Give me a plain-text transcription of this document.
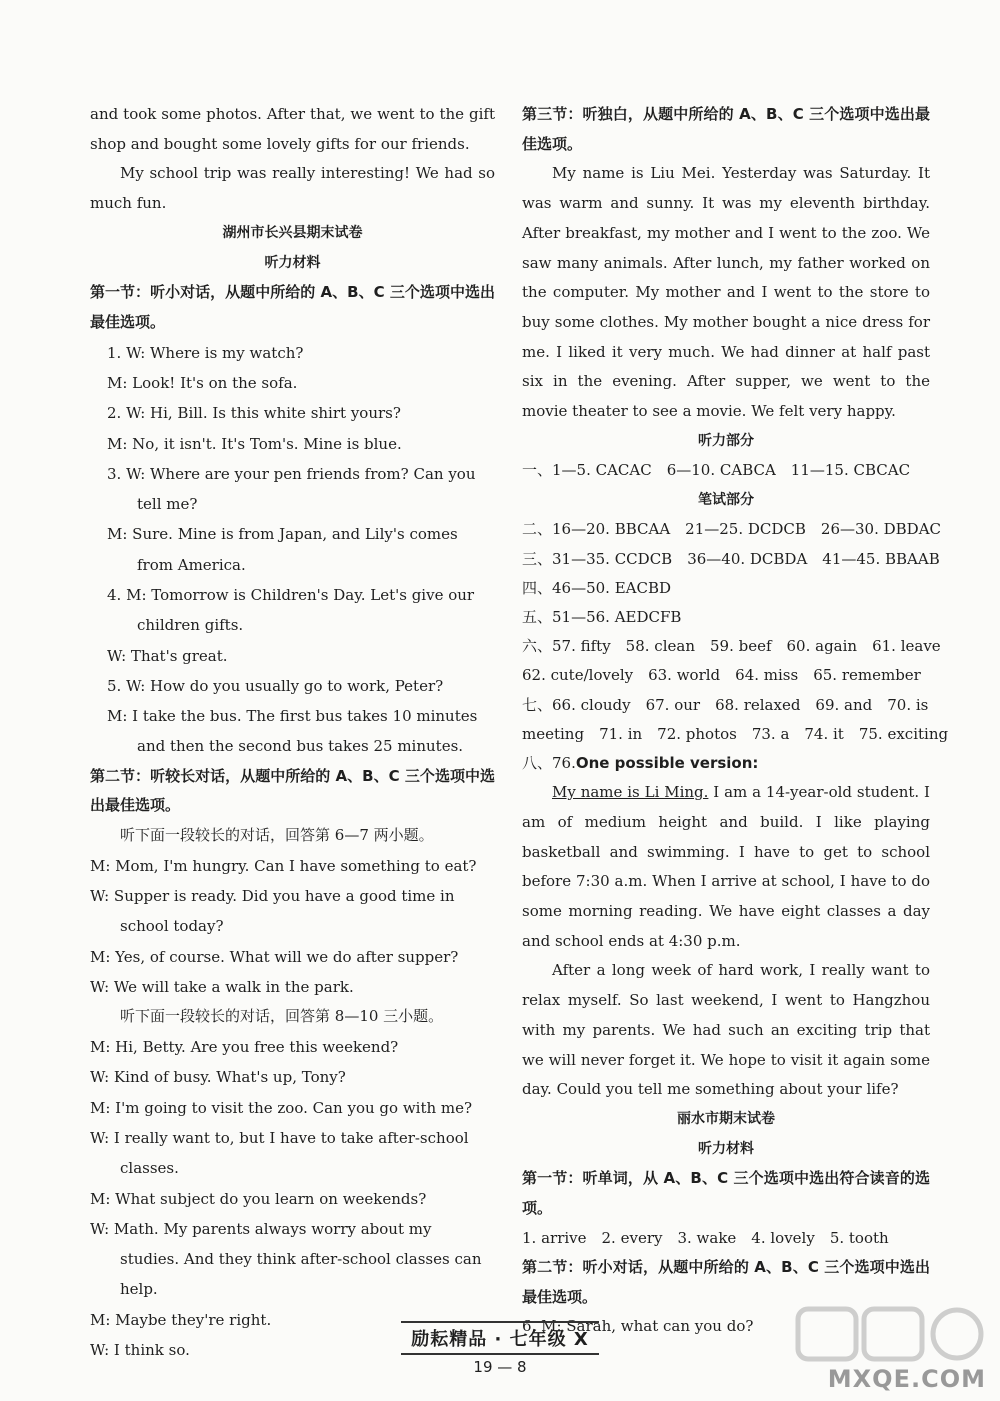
and took some photos. After that, we went to the gift shop and bought some lovely gifts for our friends.

My school trip was really interesting! We had so much fun.

湖州市长兴县期末试卷

听力材料

第一节：听小对话，从题中所给的 A、B、C 三个选项中选出最佳选项。

1. W: Where is my watch?

M: Look! It's on the sofa.

2. W: Hi, Bill. Is this white shirt yours?

M: No, it isn't. It's Tom's. Mine is blue.

3. W: Where are your pen friends from? Can you tell me?

M: Sure. Mine is from Japan, and Lily's comes from America.

4. M: Tomorrow is Children's Day. Let's give our children gifts.

W: That's great.

5. W: How do you usually go to work, Peter?

M: I take the bus. The first bus takes 10 minutes and then the second bus takes 25 minutes.

第二节：听较长对话，从题中所给的 A、B、C 三个选项中选出最佳选项。

听下面一段较长的对话，回答第 6—7 两小题。

M: Mom, I'm hungry. Can I have something to eat?

W: Supper is ready. Did you have a good time in school today?

M: Yes, of course. What will we do after supper?

W: We will take a walk in the park.

听下面一段较长的对话，回答第 8—10 三小题。

M: Hi, Betty. Are you free this weekend?

W: Kind of busy. What's up, Tony?

M: I'm going to visit the zoo. Can you go with me?

W: I really want to, but I have to take after-school classes.

M: What subject do you learn on weekends?

W: Math. My parents always worry about my studies. And they think after-school classes can help.

M: Maybe they're right.

W: I think so.

第三节：听独白，从题中所给的 A、B、C 三个选项中选出最佳选项。

My name is Liu Mei. Yesterday was Saturday. It was warm and sunny. It was my eleventh birthday. After breakfast, my mother and I went to the zoo. We saw many animals. After lunch, my father worked on the computer. My mother and I went to the store to buy some clothes. My mother bought a nice dress for me. I liked it very much. We had dinner at half past six in the evening. After supper, we went to the movie theater to see a movie. We felt very happy.

听力部分

一、1—5. CACAC　6—10. CABCA　11—15. CBCAC

笔试部分

二、16—20. BBCAA　21—25. DCDCB　26—30. DBDAC

三、31—35. CCDCB　36—40. DCBDA　41—45. BBAAB

四、46—50. EACBD

五、51—56. AEDCFB

六、57. fifty　58. clean　59. beef　60. again　61. leave

62. cute/lovely　63. world　64. miss　65. remember

七、66. cloudy　67. our　68. relaxed　69. and　70. is

meeting　71. in　72. photos　73. a　74. it　75. exciting

八、76.One possible version:

My name is Li Ming. I am a 14-year-old student. I am of medium height and build. I like playing basketball and swimming. I have to get to school before 7:30 a.m. When I arrive at school, I have to do some morning reading. We have eight classes a day and school ends at 4:30 p.m.

After a long week of hard work, I really want to relax myself. So last weekend, I went to Hangzhou with my parents. We had such an exciting trip that we will never forget it. We hope to visit it again some day. Could you tell me something about your life?

丽水市期末试卷

听力材料

第一节：听单词，从 A、B、C 三个选项中选出符合读音的选项。

1. arrive　2. every　3. wake　4. lovely　5. tooth

第二节：听小对话，从题中所给的 A、B、C 三个选项中选出最佳选项。

6. M: Sarah, what can you do?

励耘精品 · 七年级 X
19 — 8	MXQE.COM
